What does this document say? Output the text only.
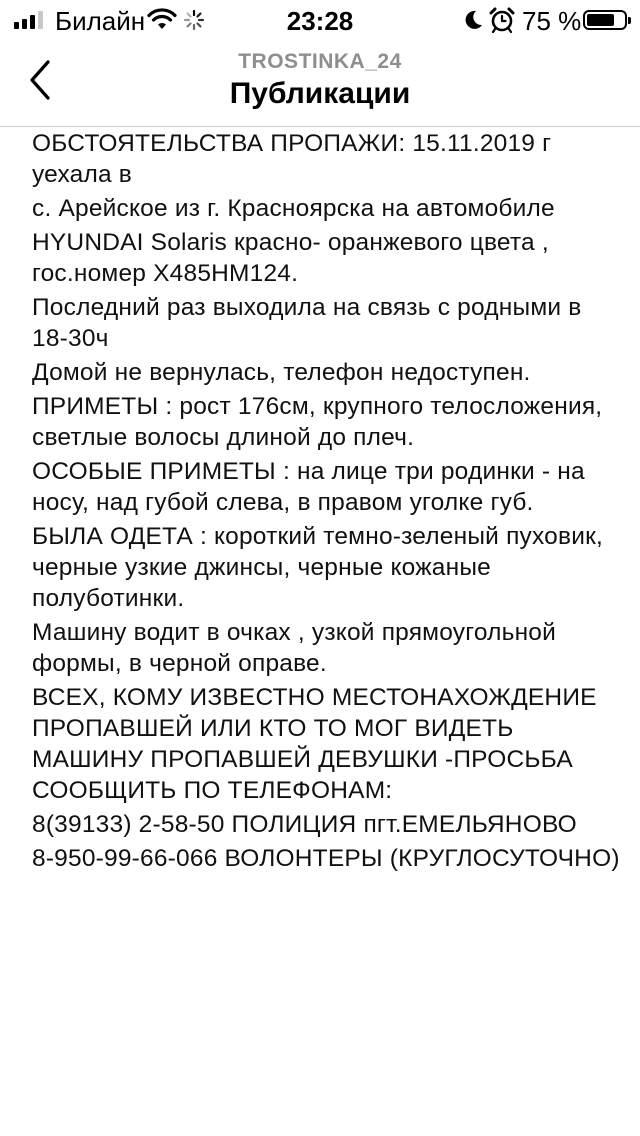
Билайн	23:28	75 %
TROSTINKA_24
Публикации

ОБСТОЯТЕЛЬСТВА ПРОПАЖИ: 15.11.2019 г уехала в

с. Арейское из г. Красноярска на автомобиле

HYUNDAI Solaris красно- оранжевого цвета , гос.номер Х485НМ124.

Последний раз выходила на связь с родными в 18-30ч

Домой не вернулась, телефон недоступен.

ПРИМЕТЫ : рост 176см, крупного телосложения, светлые волосы длиной до плеч.

ОСОБЫЕ ПРИМЕТЫ : на лице три родинки - на носу, над губой слева, в правом уголке губ.

БЫЛА ОДЕТА : короткий темно-зеленый пуховик, черные узкие джинсы, черные кожаные полуботинки.

Машину водит в очках , узкой прямоугольной формы, в черной оправе.

ВСЕХ, КОМУ ИЗВЕСТНО МЕСТОНАХОЖДЕНИЕ ПРОПАВШЕЙ ИЛИ КТО ТО МОГ ВИДЕТЬ МАШИНУ ПРОПАВШЕЙ ДЕВУШКИ -ПРОСЬБА СООБЩИТЬ ПО ТЕЛЕФОНАМ:

8(39133) 2-58-50 ПОЛИЦИЯ пгт.ЕМЕЛЬЯНОВО

8-950-99-66-066 ВОЛОНТЕРЫ (КРУГЛОСУТОЧНО)
